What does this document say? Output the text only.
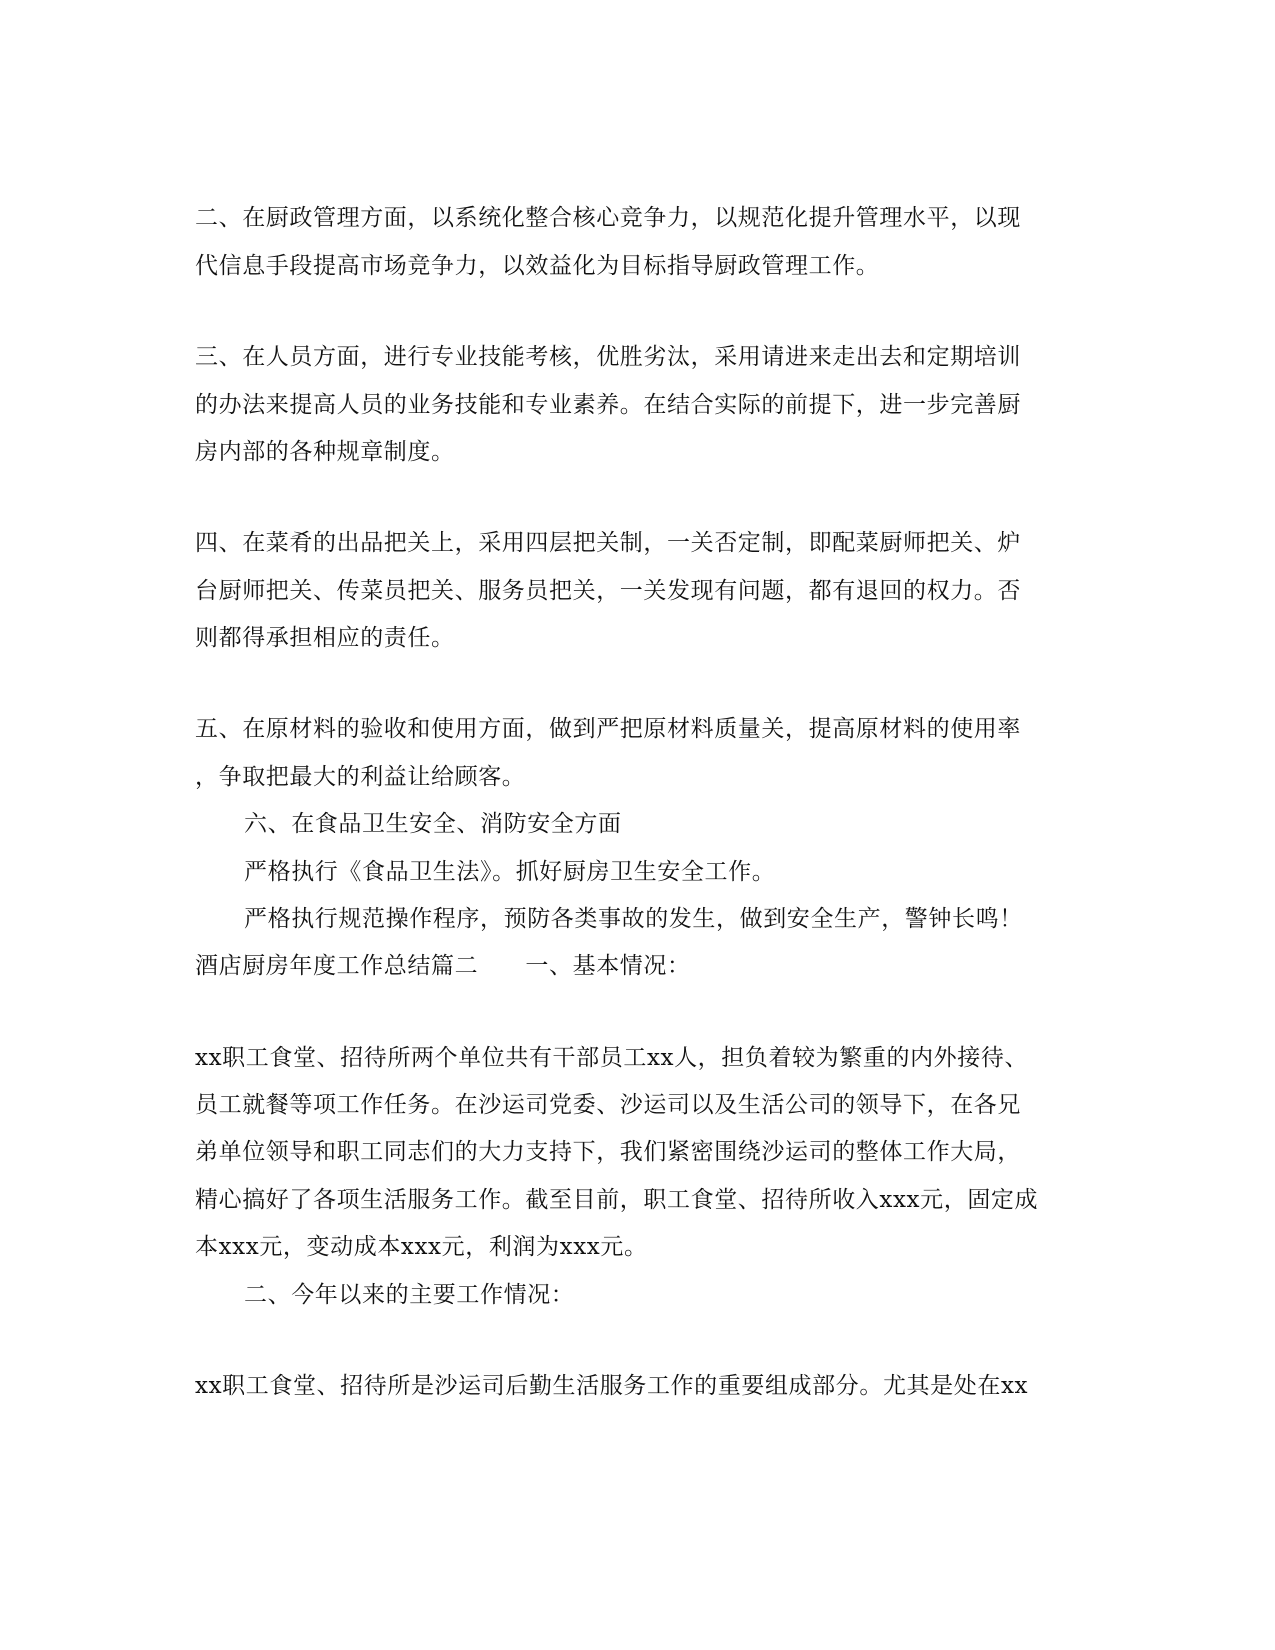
二、在厨政管理方面，以系统化整合核心竞争力，以规范化提升管理水平，以现
代信息手段提高市场竞争力，以效益化为目标指导厨政管理工作。
三、在人员方面，进行专业技能考核，优胜劣汰，采用请进来走出去和定期培训
的办法来提高人员的业务技能和专业素养。在结合实际的前提下，进一步完善厨
房内部的各种规章制度。
四、在菜肴的出品把关上，采用四层把关制，一关否定制，即配菜厨师把关、炉
台厨师把关、传菜员把关、服务员把关，一关发现有问题，都有退回的权力。否
则都得承担相应的责任。
五、在原材料的验收和使用方面，做到严把原材料质量关，提高原材料的使用率
，争取把最大的利益让给顾客。
六、在食品卫生安全、消防安全方面
严格执行《食品卫生法》。抓好厨房卫生安全工作。
严格执行规范操作程序，预防各类事故的发生，做到安全生产，警钟长鸣！
酒店厨房年度工作总结篇二　　一、基本情况：
xx职工食堂、招待所两个单位共有干部员工xx人，担负着较为繁重的内外接待、
员工就餐等项工作任务。在沙运司党委、沙运司以及生活公司的领导下，在各兄
弟单位领导和职工同志们的大力支持下，我们紧密围绕沙运司的整体工作大局，
精心搞好了各项生活服务工作。截至目前，职工食堂、招待所收入xxx元，固定成
本xxx元，变动成本xxx元，利润为xxx元。
二、今年以来的主要工作情况：
xx职工食堂、招待所是沙运司后勤生活服务工作的重要组成部分。尤其是处在xx
